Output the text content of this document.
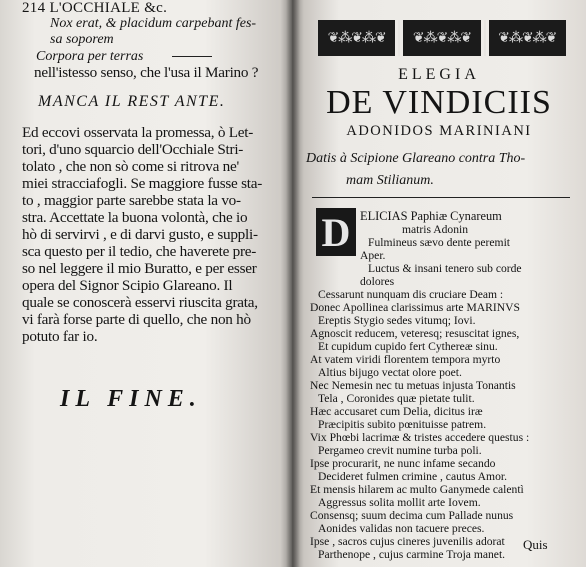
214 L'OCCHIALE &c.
Nox erat, & placidum carpebant fes-
sa soporem
Corpora per terras
nell'istesso senso, che l'usa il Marino ?
MANCA IL REST ANTE.
Ed eccovi osservata la promessa, ò Let-
tori, d'uno squarcio dell'Occhiale Stri-
tolato , che non sò come si ritrova ne'
miei stracciafogli. Se maggiore fusse sta-
to , maggior parte sarebbe stata la vo-
stra. Accettate la buona volontà, che io
hò di servirvi , e di darvi gusto, e suppli-
sca questo per il tedio, che haverete pre-
so nel leggere il mio Buratto, e per esser
opera del Signor Scipio Glareano. Il
quale se conoscerà esservi riuscita grata,
vi farà forse parte di quello, che non hò
potuto far io.
IL FINE.
ELEGIA
DE VINDICIIS
ADONIDOS MARINIANI
Datis à Scipione Glareano contra Tho-
mam Stilianum.
ELICIAS Paphiæ Cynareum
matris Adonin
Fulmineus sævo dente peremit
Aper.
Luctus & insani tenero sub corde
dolores
Cessarunt nunquam dis cruciare Deam :
Donec Apollinea clarissimus arte MARINVS
Ereptis Stygio sedes vitumq; Iovi.
Agnoscit reducem, veteresq; resuscitat ignes,
Et cupidum cupido fert Cythereæ sinu.
At vatem viridi florentem tempora myrto
Altius bijugo vectat olore poet.
Nec Nemesin nec tu metuas injusta Tonantis
Tela , Coronides quæ pietate tulit.
Hæc accusaret cum Delia, dicitus iræ
Præcipitis subito pœnituisse patrem.
Vix Phœbi lacrimæ & tristes accedere questus :
Pergameo crevit numine turba poli.
Ipse procurarit, ne nunc infame secando
Decideret fulmen crimine , cautus Amor.
Et mensis hilarem ac multo Ganymede calentì
Aggressus solita mollit arte Iovem.
Consensq; suum decima cum Pallade nunus
Aonides validas non tacuere preces.
Ipse , sacros cujus cineres juvenilis adorat
Parthenope , cujus carmine Troja manet.
❦⁂❦⁂❦	❦⁂❦⁂❦	❦⁂❦⁂❦
D
Quis
